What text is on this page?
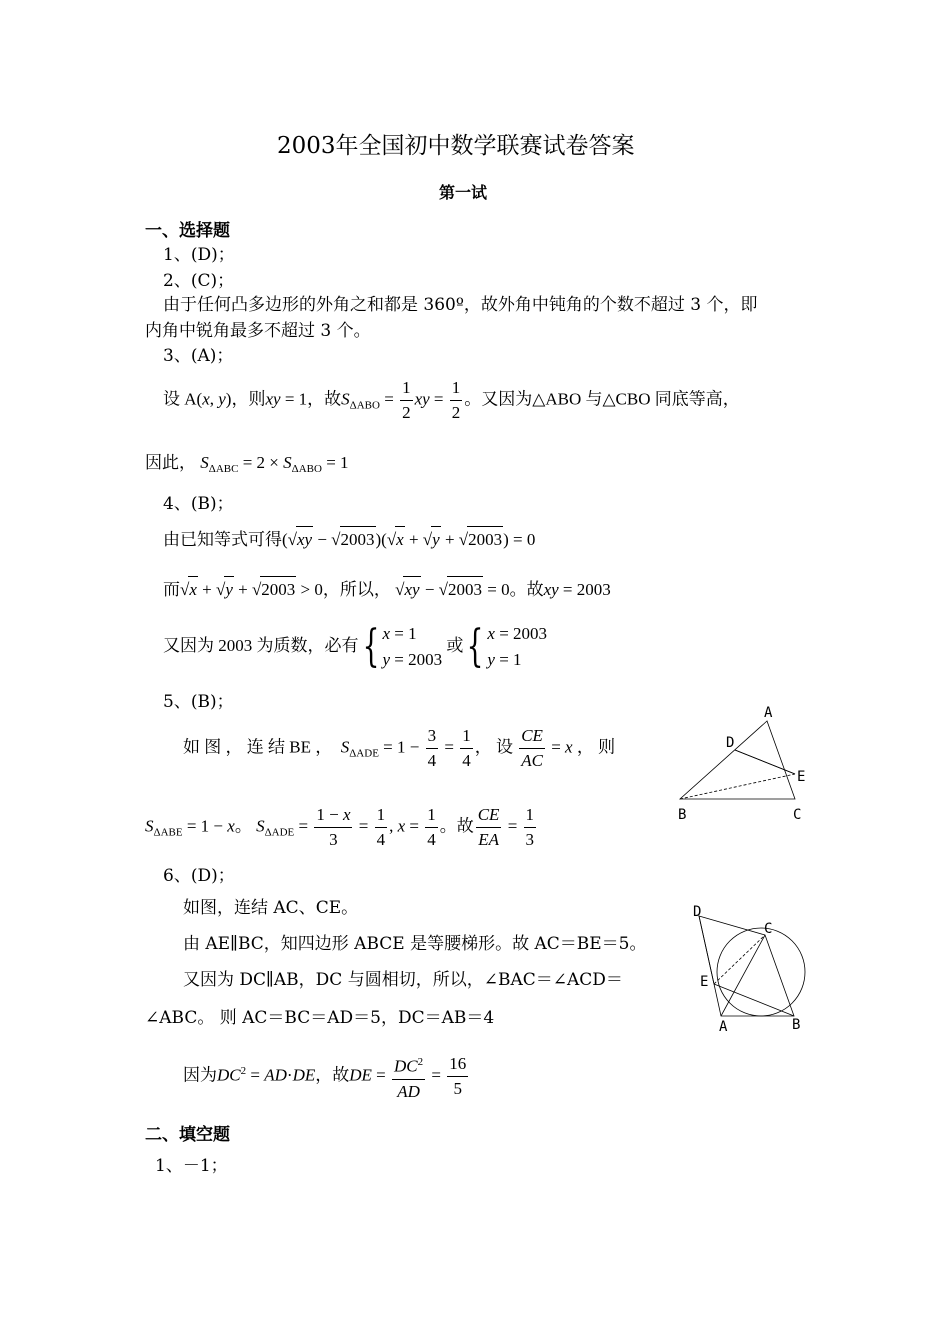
2003年全国初中数学联赛试卷答案
第一试
一、选择题
1、(D)；
2、(C)；
由于任何凸多边形的外角之和都是 360º，故外角中钝角的个数不超过 3 个，即
内角中锐角最多不超过 3 个。
3、(A)；
设 A(x, y)，则xy = 1，故$S_{\Delta ABO} = \frac{1}{2}$ xy = $\frac{1}{2}$ 。又因为△ABO 与△CBO 同底等高，
因此， $S_{\Delta ABC} = 2 \times S_{\Delta ABO} = 1$
4、(B)；
由已知等式可得(√xy − √2003)(√x + √y + √2003) = 0
而√x + √y + √2003 > 0，所以， √xy − √2003 = 0。故xy = 2003
又因为 2003 为质数，必有{ x = 1
y = 2003
或{ x = 2003
y = 1
5、(B)；
如 图 ， 连 结 BE ， $S_{\Delta ADE} = 1 - \frac{3}{4} = \frac{1}{4}$ ， 设 $\frac{CE}{AC} = x$ ， 则
$S_{\Delta ABE} = 1 - x$。 $S_{\Delta ADE} = \frac{1 - x}{3} = \frac{1}{4}$ , $x = \frac{1}{4}$ 。故 $\frac{CE}{EA} = \frac{1}{3}$
A
D
E
B	C
6、(D)；
如图，连结 AC、CE。
由 AE∥BC，知四边形 ABCE 是等腰梯形。故 AC＝BE＝5。
又因为 DC∥AB，DC 与圆相切，所以，∠BAC＝∠ACD＝
∠ABC。 则 AC＝BC＝AD＝5，DC＝AB＝4
因为$DC^2 = AD\cdot DE$，故DE = $\frac{DC^2}{AD} = \frac{16}{5}$
D
C
E
A	B
二、填空题
1、－1；
